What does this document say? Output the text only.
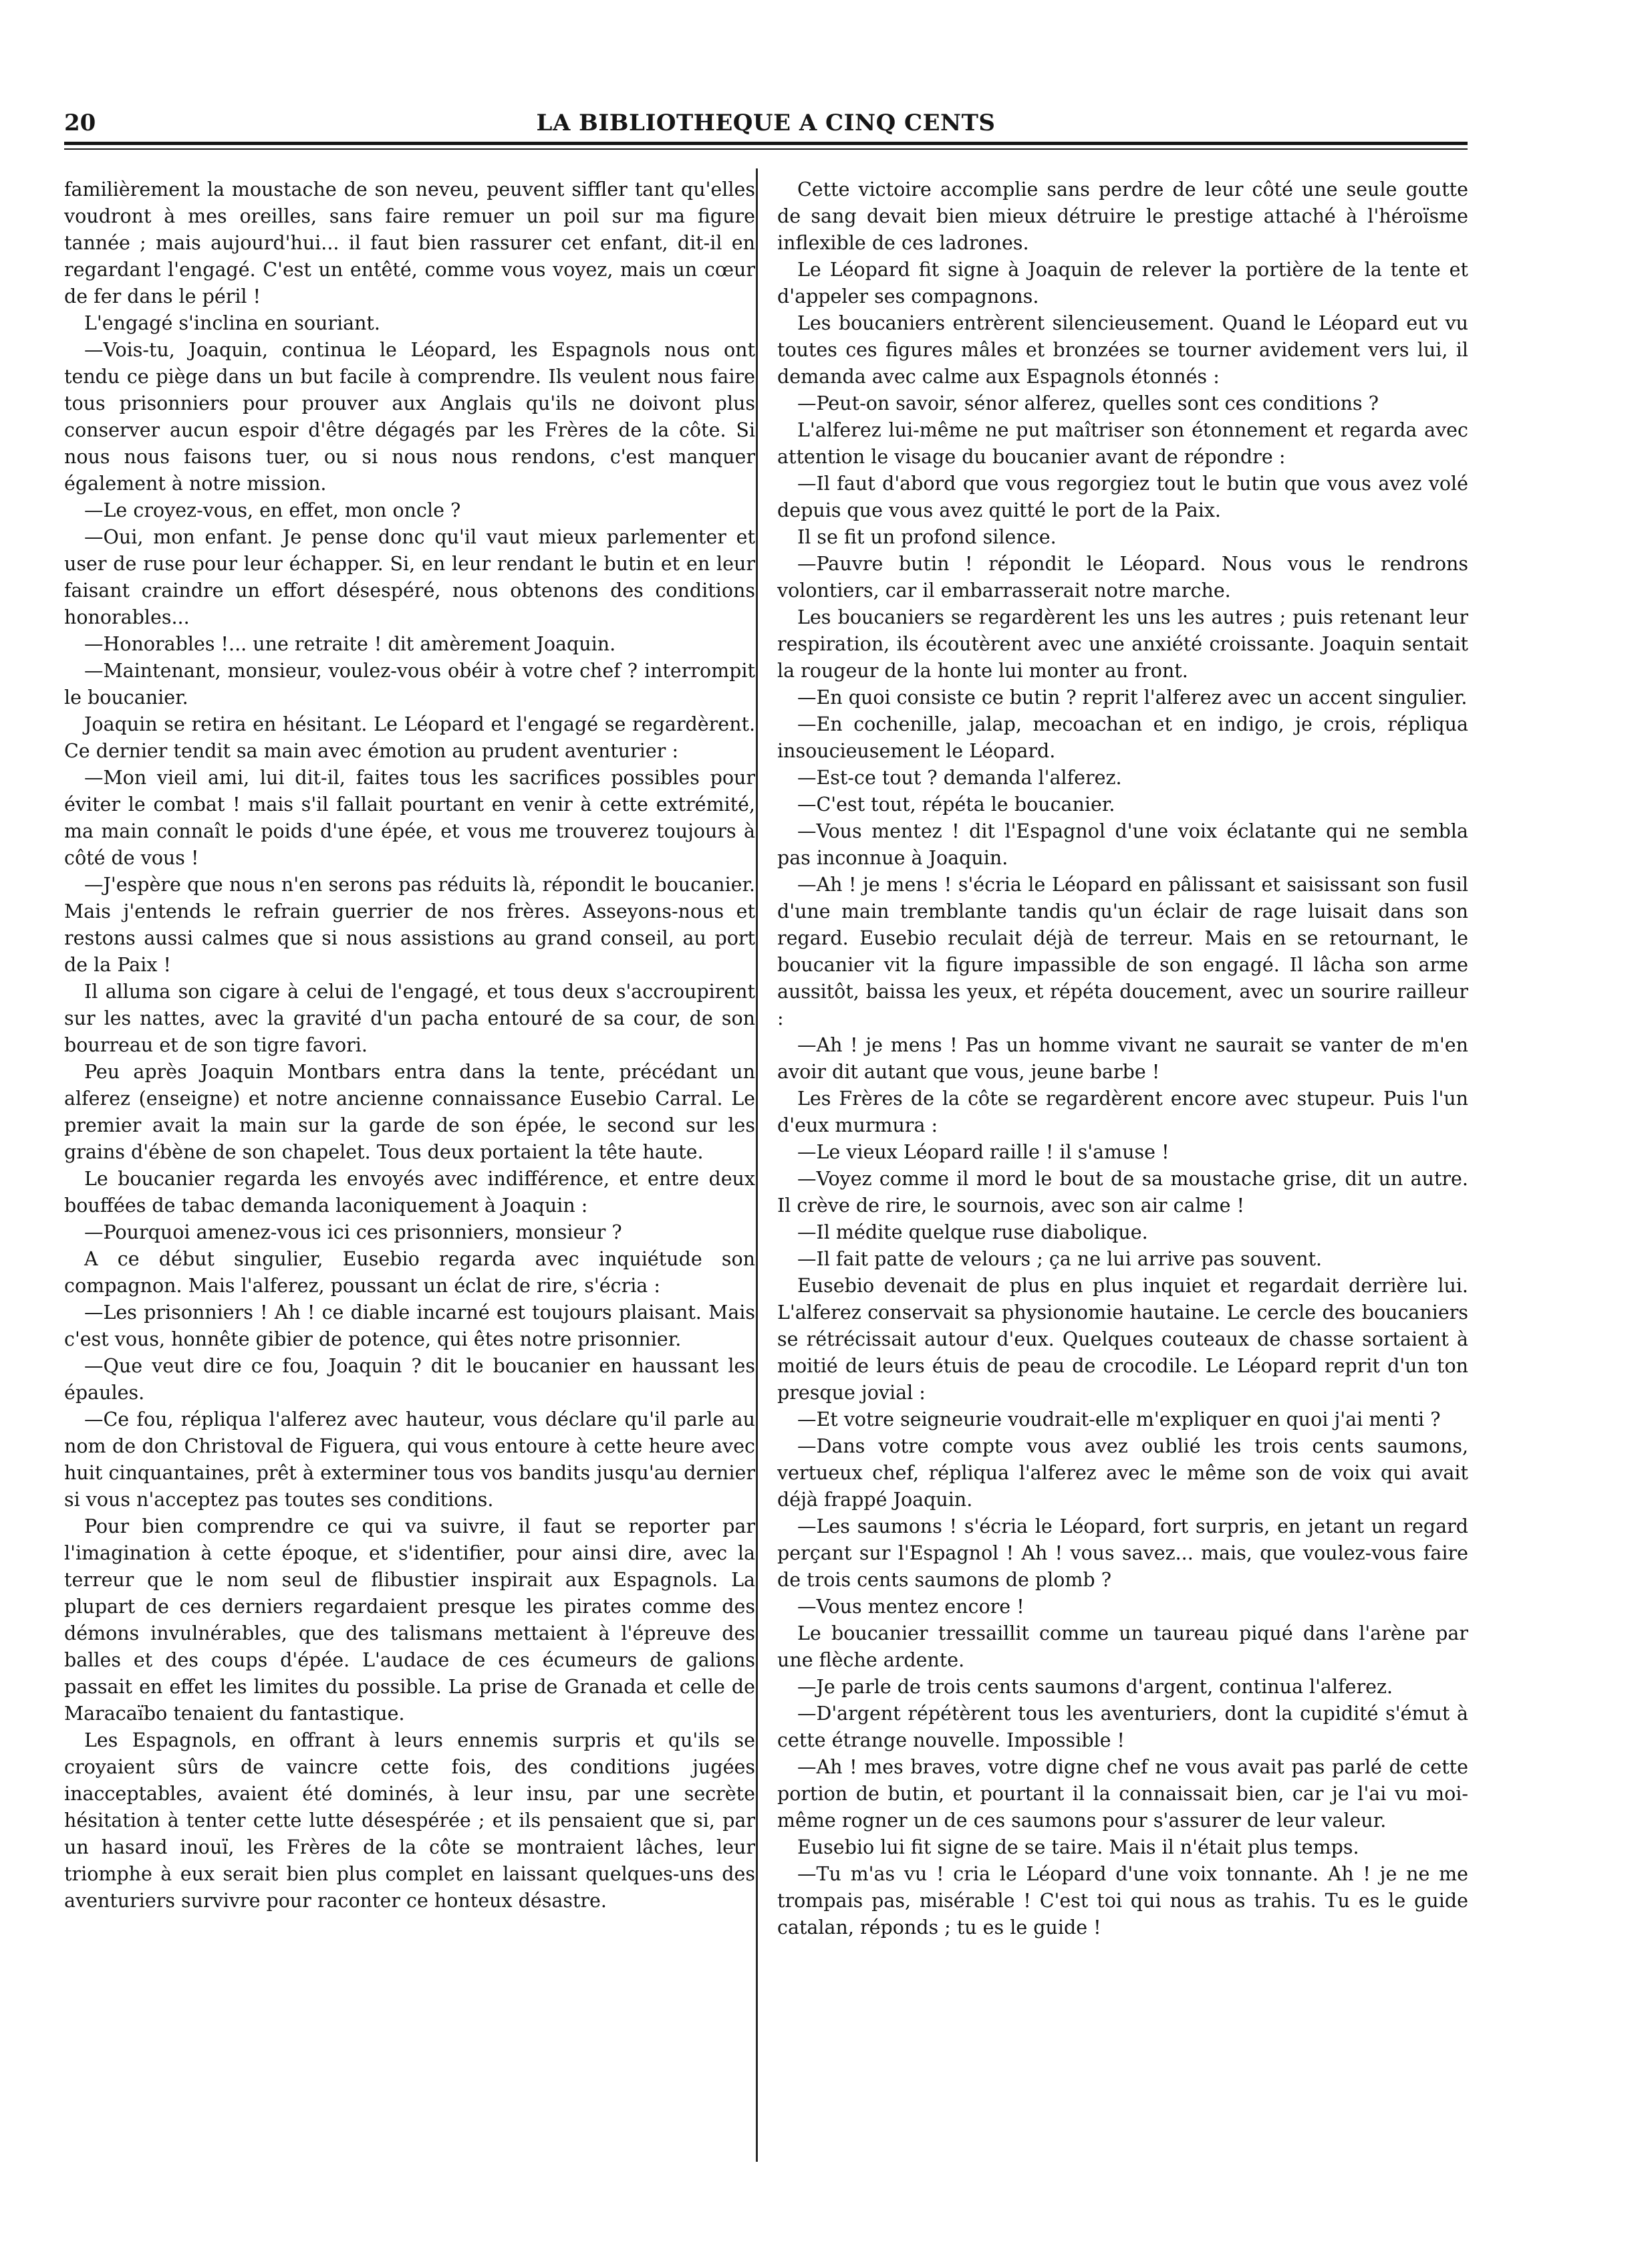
20	LA BIBLIOTHEQUE A CINQ CENTS

familièrement la moustache de son neveu, peuvent siffler tant qu'elles voudront à mes oreilles, sans faire remuer un poil sur ma figure tannée ; mais aujourd'hui... il faut bien rassurer cet enfant, dit-il en regardant l'engagé. C'est un entêté, comme vous voyez, mais un cœur de fer dans le péril !

L'engagé s'inclina en souriant.

—Vois-tu, Joaquin, continua le Léopard, les Espagnols nous ont tendu ce piège dans un but facile à comprendre. Ils veulent nous faire tous prisonniers pour prouver aux Anglais qu'ils ne doivont plus conserver aucun espoir d'être dégagés par les Frères de la côte. Si nous nous faisons tuer, ou si nous nous rendons, c'est manquer également à notre mission.

—Le croyez-vous, en effet, mon oncle ?

—Oui, mon enfant. Je pense donc qu'il vaut mieux parlementer et user de ruse pour leur échapper. Si, en leur rendant le butin et en leur faisant craindre un effort désespéré, nous obtenons des conditions honorables...

—Honorables !... une retraite ! dit amèrement Joaquin.

—Maintenant, monsieur, voulez-vous obéir à votre chef ? interrompit le boucanier.

Joaquin se retira en hésitant. Le Léopard et l'engagé se regardèrent. Ce dernier tendit sa main avec émotion au prudent aventurier :

—Mon vieil ami, lui dit-il, faites tous les sacrifices possibles pour éviter le combat ! mais s'il fallait pourtant en venir à cette extrémité, ma main connaît le poids d'une épée, et vous me trouverez toujours à côté de vous !

—J'espère que nous n'en serons pas réduits là, répondit le boucanier. Mais j'entends le refrain guerrier de nos frères. Asseyons-nous et restons aussi calmes que si nous assistions au grand conseil, au port de la Paix !

Il alluma son cigare à celui de l'engagé, et tous deux s'accroupirent sur les nattes, avec la gravité d'un pacha entouré de sa cour, de son bourreau et de son tigre favori.

Peu après Joaquin Montbars entra dans la tente, précédant un alferez (enseigne) et notre ancienne connaissance Eusebio Carral. Le premier avait la main sur la garde de son épée, le second sur les grains d'ébène de son chapelet. Tous deux portaient la tête haute.

Le boucanier regarda les envoyés avec indifférence, et entre deux bouffées de tabac demanda laconiquement à Joaquin :

—Pourquoi amenez-vous ici ces prisonniers, monsieur ?

A ce début singulier, Eusebio regarda avec inquiétude son compagnon. Mais l'alferez, poussant un éclat de rire, s'écria :

—Les prisonniers ! Ah ! ce diable incarné est toujours plaisant. Mais c'est vous, honnête gibier de potence, qui êtes notre prisonnier.

—Que veut dire ce fou, Joaquin ? dit le boucanier en haussant les épaules.

—Ce fou, répliqua l'alferez avec hauteur, vous déclare qu'il parle au nom de don Christoval de Figuera, qui vous entoure à cette heure avec huit cinquantaines, prêt à exterminer tous vos bandits jusqu'au dernier si vous n'acceptez pas toutes ses conditions.

Pour bien comprendre ce qui va suivre, il faut se reporter par l'imagination à cette époque, et s'identifier, pour ainsi dire, avec la terreur que le nom seul de flibustier inspirait aux Espagnols. La plupart de ces derniers regardaient presque les pirates comme des démons invulnérables, que des talismans mettaient à l'épreuve des balles et des coups d'épée. L'audace de ces écumeurs de galions passait en effet les limites du possible. La prise de Granada et celle de Maracaïbo tenaient du fantastique.

Les Espagnols, en offrant à leurs ennemis surpris et qu'ils se croyaient sûrs de vaincre cette fois, des conditions jugées inacceptables, avaient été dominés, à leur insu, par une secrète hésitation à tenter cette lutte désespérée ; et ils pensaient que si, par un hasard inouï, les Frères de la côte se montraient lâches, leur triomphe à eux serait bien plus complet en laissant quelques-uns des aventuriers survivre pour raconter ce honteux désastre.

Cette victoire accomplie sans perdre de leur côté une seule goutte de sang devait bien mieux détruire le prestige attaché à l'héroïsme inflexible de ces ladrones.

Le Léopard fit signe à Joaquin de relever la portière de la tente et d'appeler ses compagnons.

Les boucaniers entrèrent silencieusement. Quand le Léopard eut vu toutes ces figures mâles et bronzées se tourner avidement vers lui, il demanda avec calme aux Espagnols étonnés :

—Peut-on savoir, sénor alferez, quelles sont ces conditions ?

L'alferez lui-même ne put maîtriser son étonnement et regarda avec attention le visage du boucanier avant de répondre :

—Il faut d'abord que vous regorgiez tout le butin que vous avez volé depuis que vous avez quitté le port de la Paix.

Il se fit un profond silence.

—Pauvre butin ! répondit le Léopard. Nous vous le rendrons volontiers, car il embarrasserait notre marche.

Les boucaniers se regardèrent les uns les autres ; puis retenant leur respiration, ils écoutèrent avec une anxiété croissante. Joaquin sentait la rougeur de la honte lui monter au front.

—En quoi consiste ce butin ? reprit l'alferez avec un accent singulier.

—En cochenille, jalap, mecoachan et en indigo, je crois, répliqua insoucieusement le Léopard.

—Est-ce tout ? demanda l'alferez.

—C'est tout, répéta le boucanier.

—Vous mentez ! dit l'Espagnol d'une voix éclatante qui ne sembla pas inconnue à Joaquin.

—Ah ! je mens ! s'écria le Léopard en pâlissant et saisissant son fusil d'une main tremblante tandis qu'un éclair de rage luisait dans son regard. Eusebio reculait déjà de terreur. Mais en se retournant, le boucanier vit la figure impassible de son engagé. Il lâcha son arme aussitôt, baissa les yeux, et répéta doucement, avec un sourire railleur :

—Ah ! je mens ! Pas un homme vivant ne saurait se vanter de m'en avoir dit autant que vous, jeune barbe !

Les Frères de la côte se regardèrent encore avec stupeur. Puis l'un d'eux murmura :

—Le vieux Léopard raille ! il s'amuse !

—Voyez comme il mord le bout de sa moustache grise, dit un autre. Il crève de rire, le sournois, avec son air calme !

—Il médite quelque ruse diabolique.

—Il fait patte de velours ; ça ne lui arrive pas souvent.

Eusebio devenait de plus en plus inquiet et regardait derrière lui. L'alferez conservait sa physionomie hautaine. Le cercle des boucaniers se rétrécissait autour d'eux. Quelques couteaux de chasse sortaient à moitié de leurs étuis de peau de crocodile. Le Léopard reprit d'un ton presque jovial :

—Et votre seigneurie voudrait-elle m'expliquer en quoi j'ai menti ?

—Dans votre compte vous avez oublié les trois cents saumons, vertueux chef, répliqua l'alferez avec le même son de voix qui avait déjà frappé Joaquin.

—Les saumons ! s'écria le Léopard, fort surpris, en jetant un regard perçant sur l'Espagnol ! Ah ! vous savez... mais, que voulez-vous faire de trois cents saumons de plomb ?

—Vous mentez encore !

Le boucanier tressaillit comme un taureau piqué dans l'arène par une flèche ardente.

—Je parle de trois cents saumons d'argent, continua l'alferez.

—D'argent répétèrent tous les aventuriers, dont la cupidité s'émut à cette étrange nouvelle. Impossible !

—Ah ! mes braves, votre digne chef ne vous avait pas parlé de cette portion de butin, et pourtant il la connaissait bien, car je l'ai vu moi-même rogner un de ces saumons pour s'assurer de leur valeur.

Eusebio lui fit signe de se taire. Mais il n'était plus temps.

—Tu m'as vu ! cria le Léopard d'une voix tonnante. Ah ! je ne me trompais pas, misérable ! C'est toi qui nous as trahis. Tu es le guide catalan, réponds ; tu es le guide !
